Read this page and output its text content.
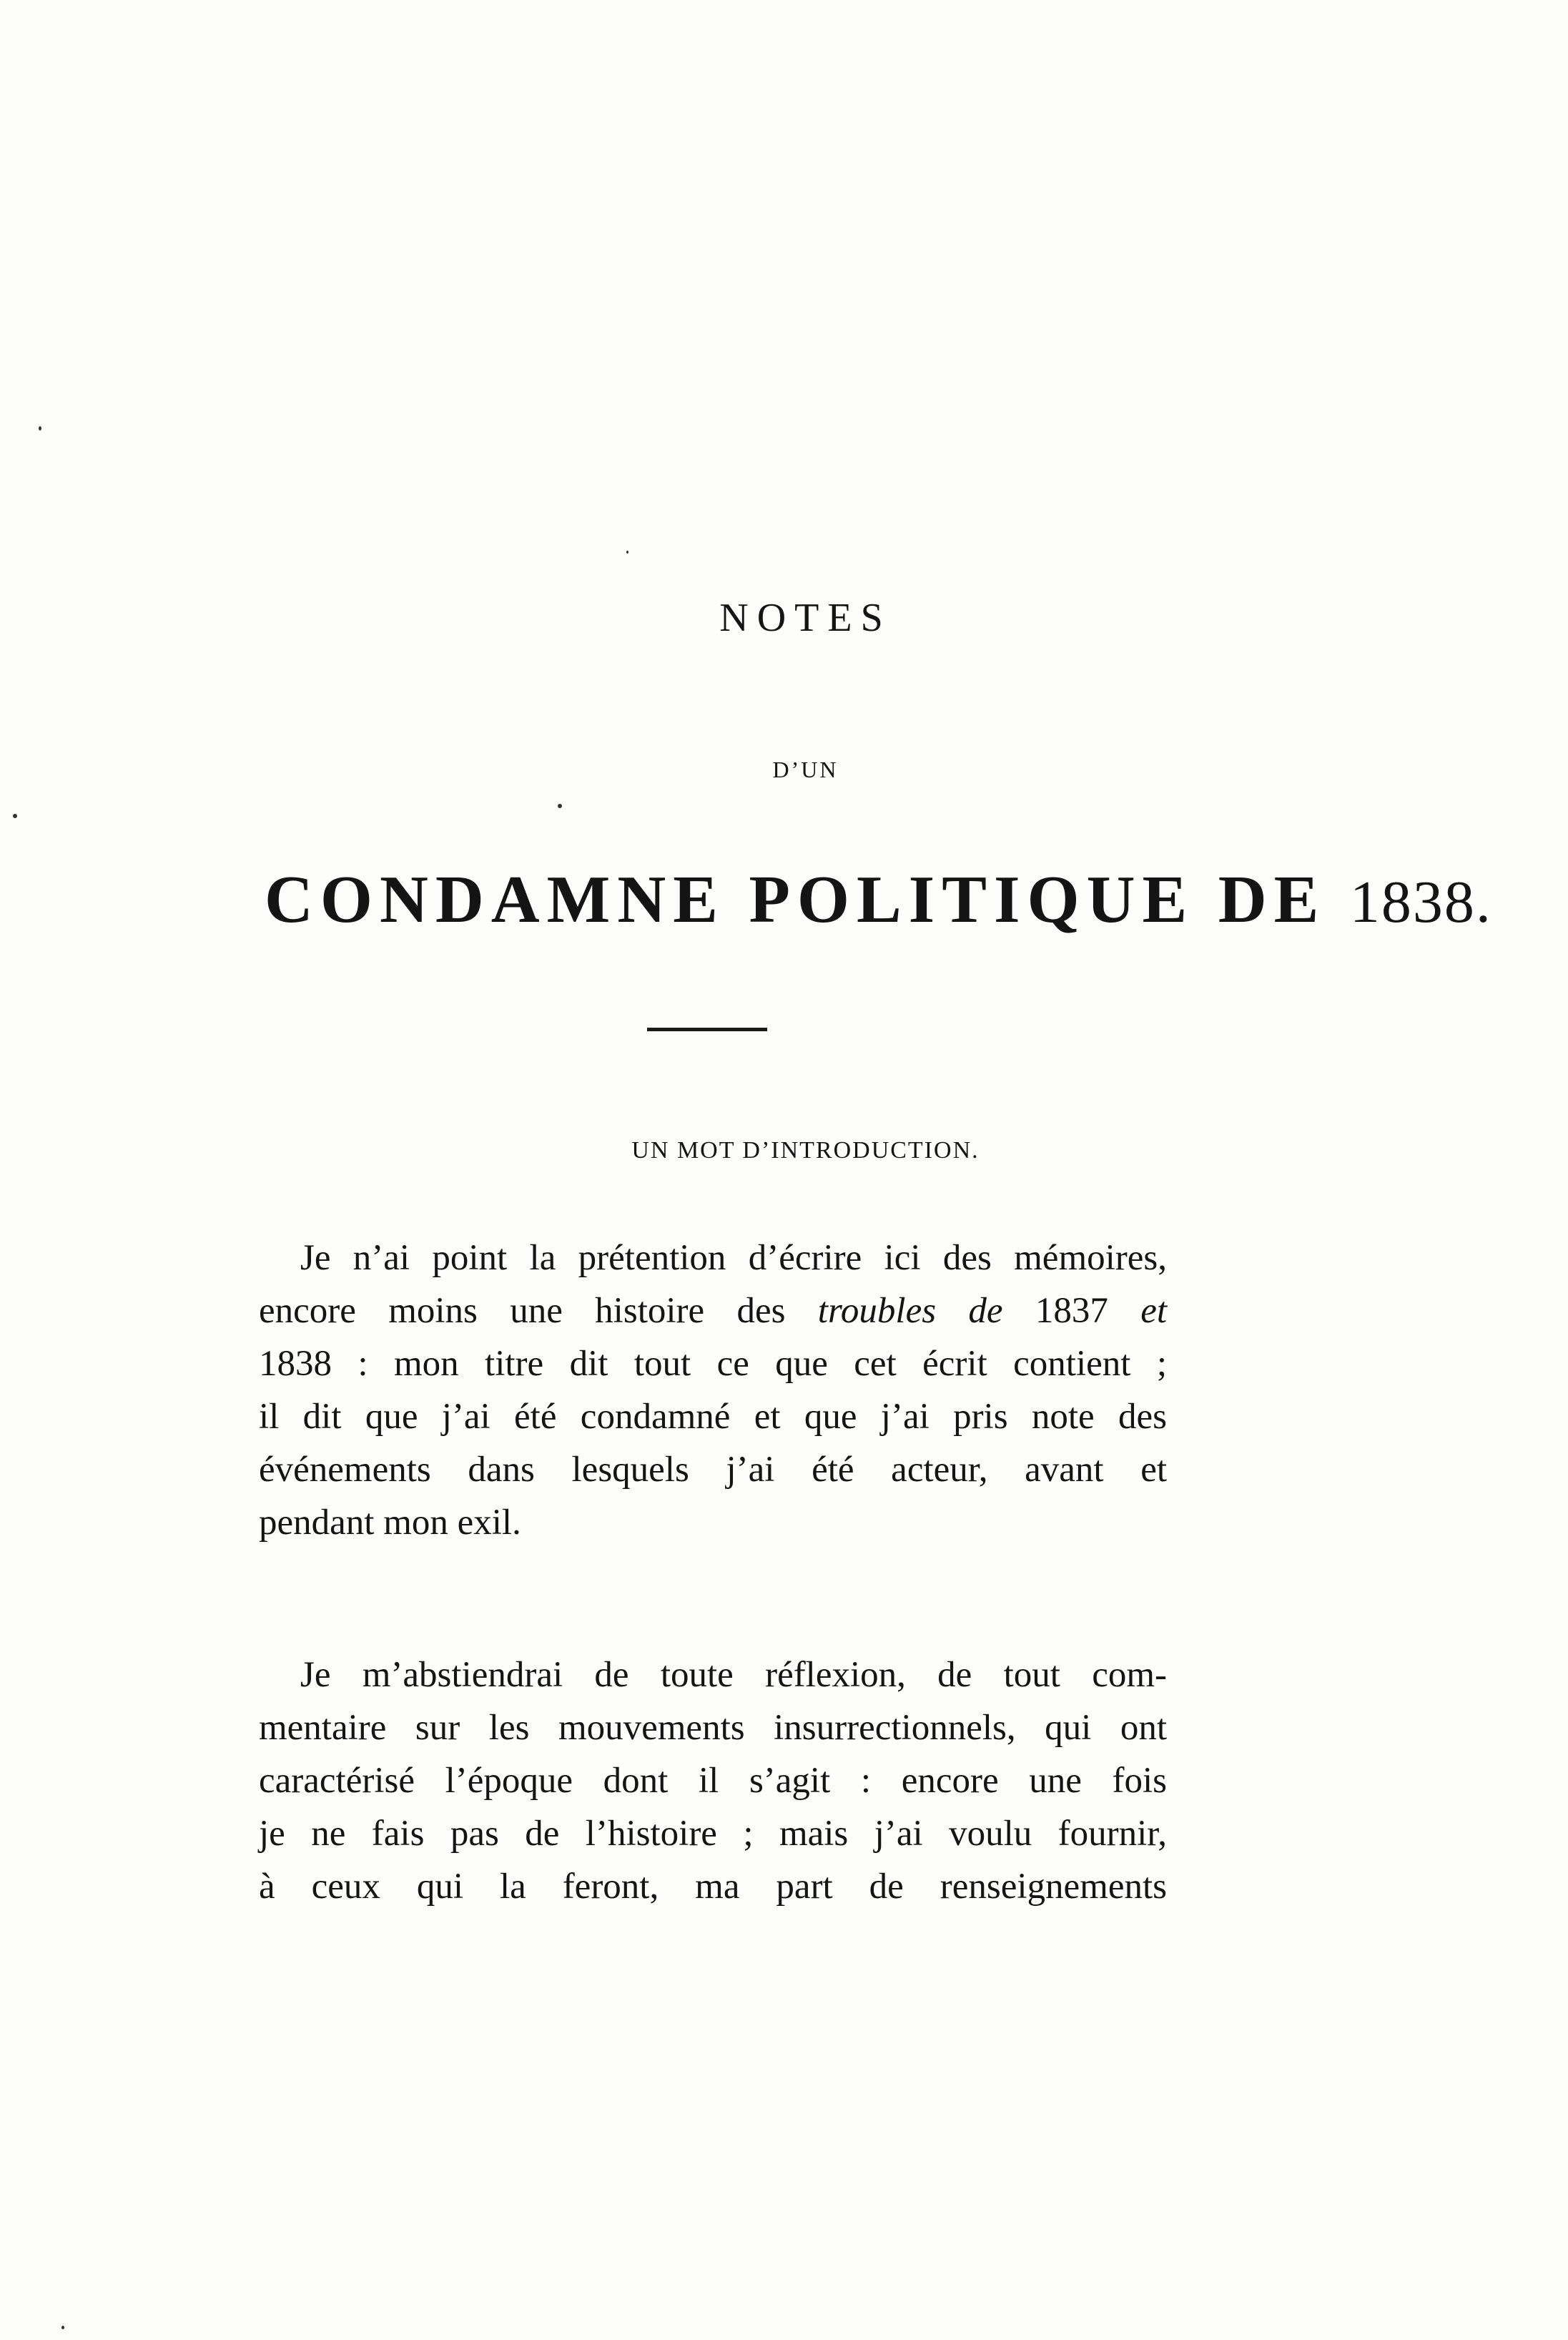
NOTES
D’UN
CONDAMNE POLITIQUE DE 1838.
UN MOT D’INTRODUCTION.
Je n’ai point la prétention d’écrire ici des mémoires,
encore moins une histoire des troubles de 1837 et
1838 : mon titre dit tout ce que cet écrit contient ;
il dit que j’ai été condamné et que j’ai pris note des
événements dans lesquels j’ai été acteur, avant et
pendant mon exil.
Je m’abstiendrai de toute réflexion, de tout com-
mentaire sur les mouvements insurrectionnels, qui ont
caractérisé l’époque dont il s’agit : encore une fois
je ne fais pas de l’histoire ; mais j’ai voulu fournir,
à ceux qui la feront, ma part de renseignements
